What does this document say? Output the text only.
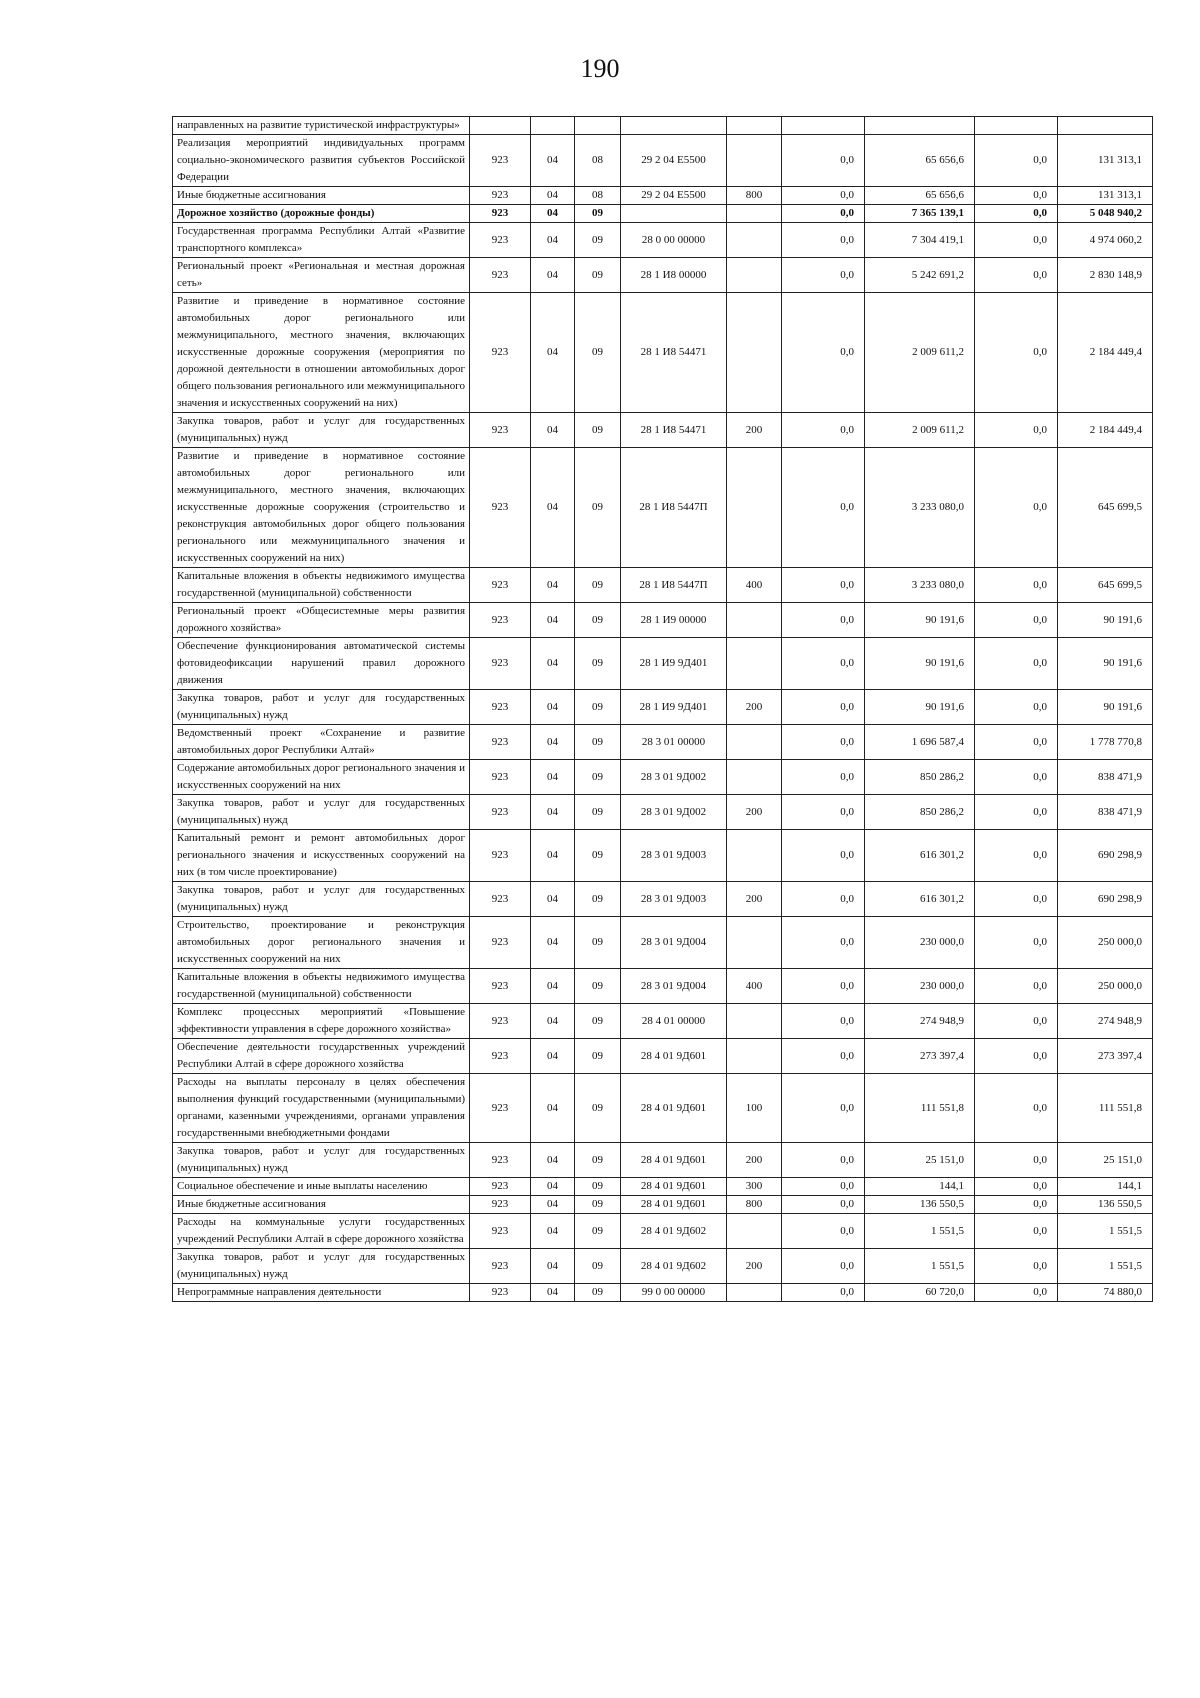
190
направленных на развитие туристической инфраструктуры»									
Реализация мероприятий индивидуальных программ социально-экономического развития субъектов Российской Федерации	923	04	08	29 2 04 Е5500		0,0	65 656,6	0,0	131 313,1
Иные бюджетные ассигнования	923	04	08	29 2 04 Е5500	800	0,0	65 656,6	0,0	131 313,1
Дорожное хозяйство (дорожные фонды)	923	04	09			0,0	7 365 139,1	0,0	5 048 940,2
Государственная программа Республики Алтай «Развитие транспортного комплекса»	923	04	09	28 0 00 00000		0,0	7 304 419,1	0,0	4 974 060,2
Региональный проект «Региональная и местная дорожная сеть»	923	04	09	28 1 И8 00000		0,0	5 242 691,2	0,0	2 830 148,9
Развитие и приведение в нормативное состояние автомобильных дорог регионального или межмуниципального, местного значения, включающих искусственные дорожные сооружения (мероприятия по дорожной деятельности в отношении автомобильных дорог общего пользования регионального или межмуниципального значения и искусственных сооружений на них)	923	04	09	28 1 И8 54471		0,0	2 009 611,2	0,0	2 184 449,4
Закупка товаров, работ и услуг для государственных (муниципальных) нужд	923	04	09	28 1 И8 54471	200	0,0	2 009 611,2	0,0	2 184 449,4
Развитие и приведение в нормативное состояние автомобильных дорог регионального или межмуниципального, местного значения, включающих искусственные дорожные сооружения (строительство и реконструкция автомобильных дорог общего пользования регионального или межмуниципального значения и искусственных сооружений на них)	923	04	09	28 1 И8 5447П		0,0	3 233 080,0	0,0	645 699,5
Капитальные вложения в объекты недвижимого имущества государственной (муниципальной) собственности	923	04	09	28 1 И8 5447П	400	0,0	3 233 080,0	0,0	645 699,5
Региональный проект «Общесистемные меры развития дорожного хозяйства»	923	04	09	28 1 И9 00000		0,0	90 191,6	0,0	90 191,6
Обеспечение функционирования автоматической системы фотовидеофиксации нарушений правил дорожного движения	923	04	09	28 1 И9 9Д401		0,0	90 191,6	0,0	90 191,6
Закупка товаров, работ и услуг для государственных (муниципальных) нужд	923	04	09	28 1 И9 9Д401	200	0,0	90 191,6	0,0	90 191,6
Ведомственный проект «Сохранение и развитие автомобильных дорог Республики Алтай»	923	04	09	28 3 01 00000		0,0	1 696 587,4	0,0	1 778 770,8
Содержание автомобильных дорог регионального значения и искусственных сооружений на них	923	04	09	28 3 01 9Д002		0,0	850 286,2	0,0	838 471,9
Закупка товаров, работ и услуг для государственных (муниципальных) нужд	923	04	09	28 3 01 9Д002	200	0,0	850 286,2	0,0	838 471,9
Капитальный ремонт и ремонт автомобильных дорог регионального значения и искусственных сооружений на них (в том числе проектирование)	923	04	09	28 3 01 9Д003		0,0	616 301,2	0,0	690 298,9
Закупка товаров, работ и услуг для государственных (муниципальных) нужд	923	04	09	28 3 01 9Д003	200	0,0	616 301,2	0,0	690 298,9
Строительство, проектирование и реконструкция автомобильных дорог регионального значения и искусственных сооружений на них	923	04	09	28 3 01 9Д004		0,0	230 000,0	0,0	250 000,0
Капитальные вложения в объекты недвижимого имущества государственной (муниципальной) собственности	923	04	09	28 3 01 9Д004	400	0,0	230 000,0	0,0	250 000,0
Комплекс процессных мероприятий «Повышение эффективности управления в сфере дорожного хозяйства»	923	04	09	28 4 01 00000		0,0	274 948,9	0,0	274 948,9
Обеспечение деятельности государственных учреждений Республики Алтай в сфере дорожного хозяйства	923	04	09	28 4 01 9Д601		0,0	273 397,4	0,0	273 397,4
Расходы на выплаты персоналу в целях обеспечения выполнения функций государственными (муниципальными) органами, казенными учреждениями, органами управления государственными внебюджетными фондами	923	04	09	28 4 01 9Д601	100	0,0	111 551,8	0,0	111 551,8
Закупка товаров, работ и услуг для государственных (муниципальных) нужд	923	04	09	28 4 01 9Д601	200	0,0	25 151,0	0,0	25 151,0
Социальное обеспечение и иные выплаты населению	923	04	09	28 4 01 9Д601	300	0,0	144,1	0,0	144,1
Иные бюджетные ассигнования	923	04	09	28 4 01 9Д601	800	0,0	136 550,5	0,0	136 550,5
Расходы на коммунальные услуги государственных учреждений Республики Алтай в сфере дорожного хозяйства	923	04	09	28 4 01 9Д602		0,0	1 551,5	0,0	1 551,5
Закупка товаров, работ и услуг для государственных (муниципальных) нужд	923	04	09	28 4 01 9Д602	200	0,0	1 551,5	0,0	1 551,5
Непрограммные направления деятельности	923	04	09	99 0 00 00000		0,0	60 720,0	0,0	74 880,0
